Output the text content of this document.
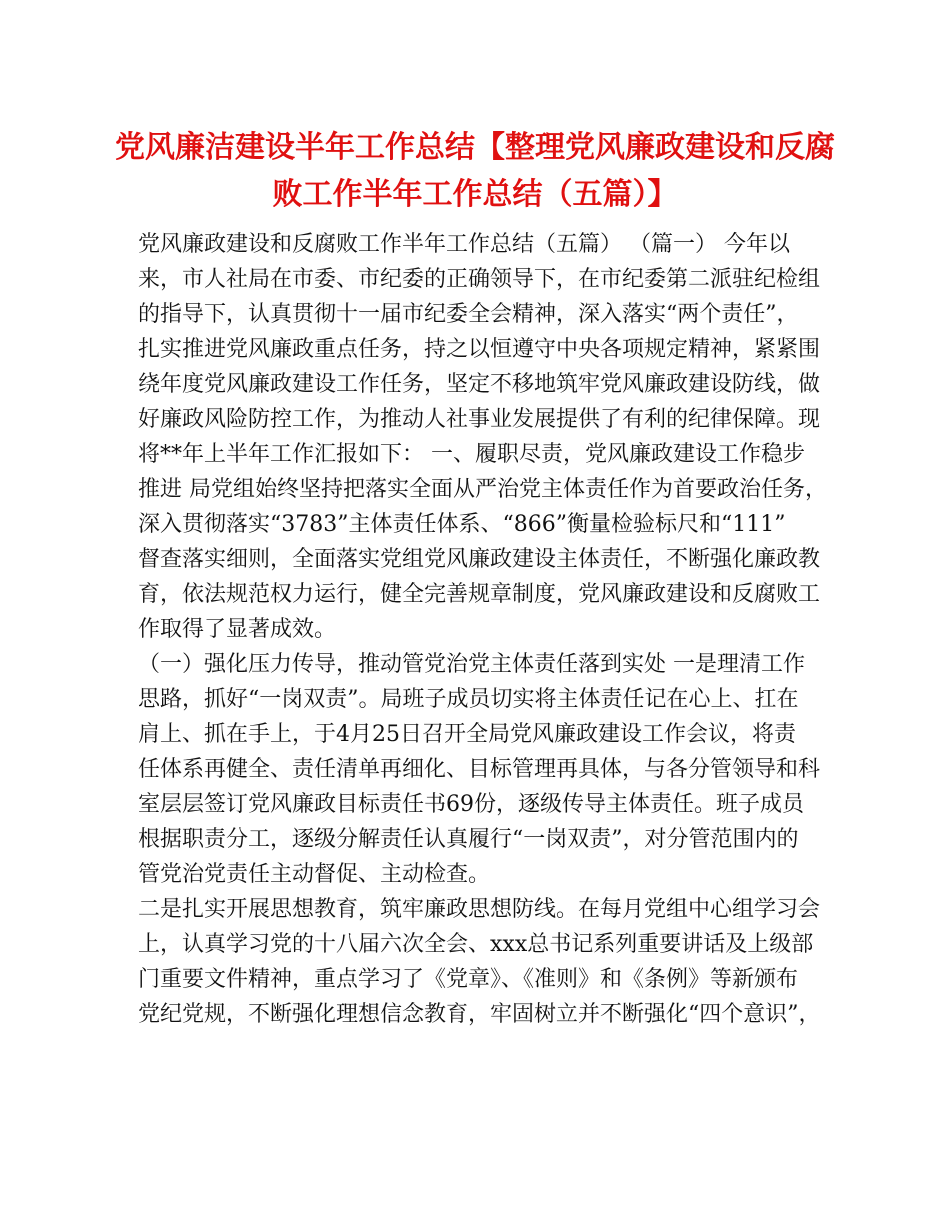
党风廉洁建设半年工作总结【整理党风廉政建设和反腐
败工作半年工作总结（五篇）】
党风廉政建设和反腐败工作半年工作总结（五篇） （篇一） 今年以
来，市人社局在市委、市纪委的正确领导下，在市纪委第二派驻纪检组
的指导下，认真贯彻十一届市纪委全会精神，深入落实“两个责任”，
扎实推进党风廉政重点任务，持之以恒遵守中央各项规定精神，紧紧围
绕年度党风廉政建设工作任务，坚定不移地筑牢党风廉政建设防线，做
好廉政风险防控工作，为推动人社事业发展提供了有利的纪律保障。现
将**年上半年工作汇报如下： 一、履职尽责，党风廉政建设工作稳步
推进 局党组始终坚持把落实全面从严治党主体责任作为首要政治任务，
深入贯彻落实“3783”主体责任体系、“866”衡量检验标尺和“111”
督查落实细则，全面落实党组党风廉政建设主体责任，不断强化廉政教
育，依法规范权力运行，健全完善规章制度，党风廉政建设和反腐败工
作取得了显著成效。
（一）强化压力传导，推动管党治党主体责任落到实处 一是理清工作
思路，抓好“一岗双责”。局班子成员切实将主体责任记在心上、扛在
肩上、抓在手上，于4月25日召开全局党风廉政建设工作会议，将责
任体系再健全、责任清单再细化、目标管理再具体，与各分管领导和科
室层层签订党风廉政目标责任书69份，逐级传导主体责任。班子成员
根据职责分工，逐级分解责任认真履行“一岗双责”，对分管范围内的
管党治党责任主动督促、主动检查。
二是扎实开展思想教育，筑牢廉政思想防线。在每月党组中心组学习会
上，认真学习党的十八届六次全会、xxx总书记系列重要讲话及上级部
门重要文件精神，重点学习了《党章》、《准则》和《条例》等新颁布
党纪党规，不断强化理想信念教育，牢固树立并不断强化“四个意识”，
